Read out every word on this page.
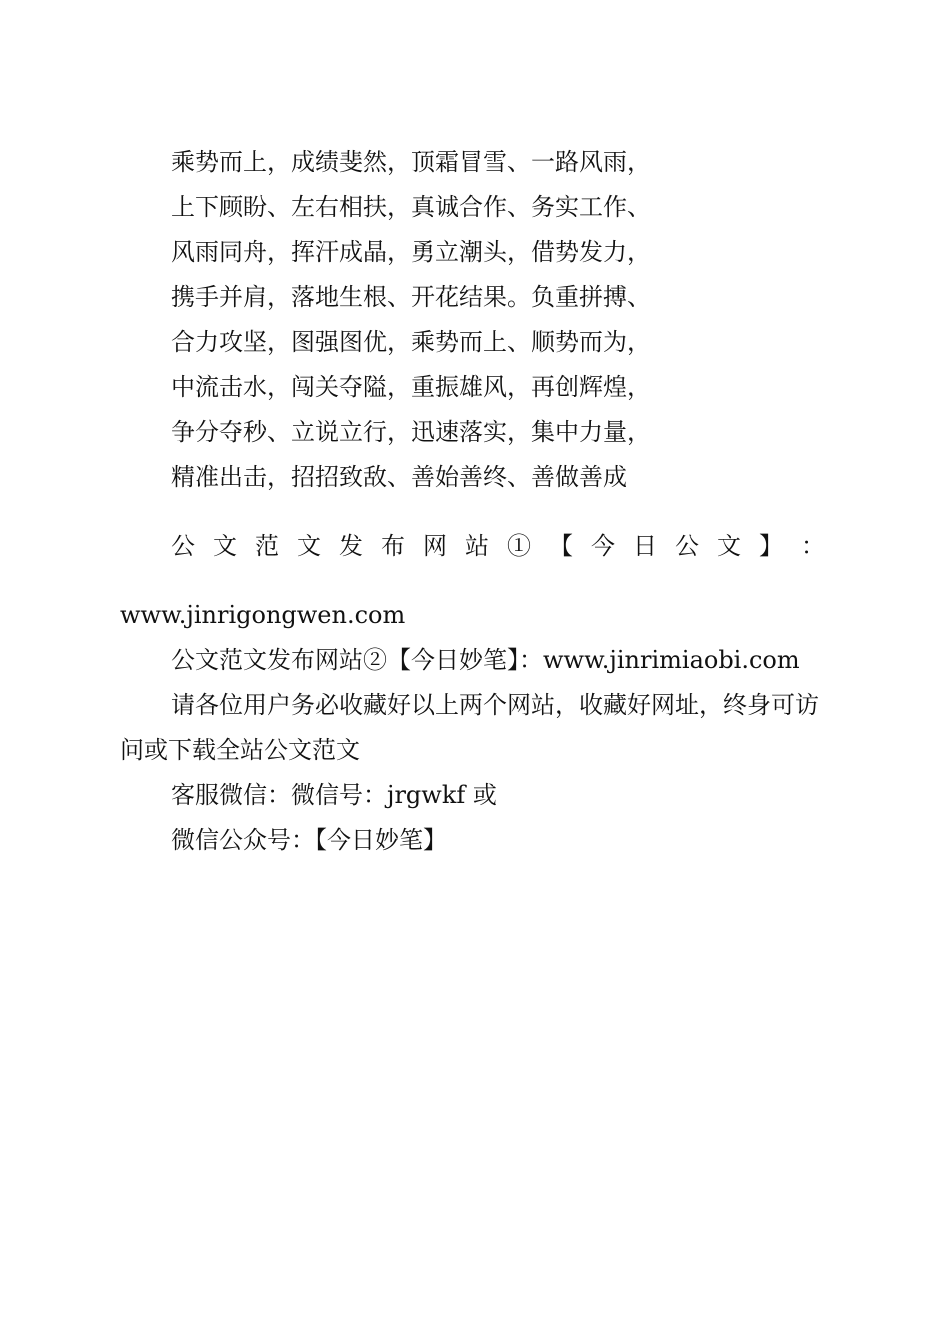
乘势而上，成绩斐然，顶霜冒雪、一路风雨，

上下顾盼、左右相扶，真诚合作、务实工作、

风雨同舟，挥汗成晶，勇立潮头，借势发力，

携手并肩，落地生根、开花结果。负重拼搏、

合力攻坚，图强图优，乘势而上、顺势而为，

中流击水，闯关夺隘，重振雄风，再创辉煌，

争分夺秒、立说立行，迅速落实，集中力量，

精准出击，招招致敌、善始善终、善做善成

公 文 范 文 发 布 网 站 ① 【 今 日 公 文 】 ：

www.jinrigongwen.com

公文范文发布网站②【今日妙笔】：www.jinrimiaobi.com

请各位用户务必收藏好以上两个网站，收藏好网址，终身可访问或下载全站公文范文

客服微信：微信号：jrgwkf 或

微信公众号：【今日妙笔】
